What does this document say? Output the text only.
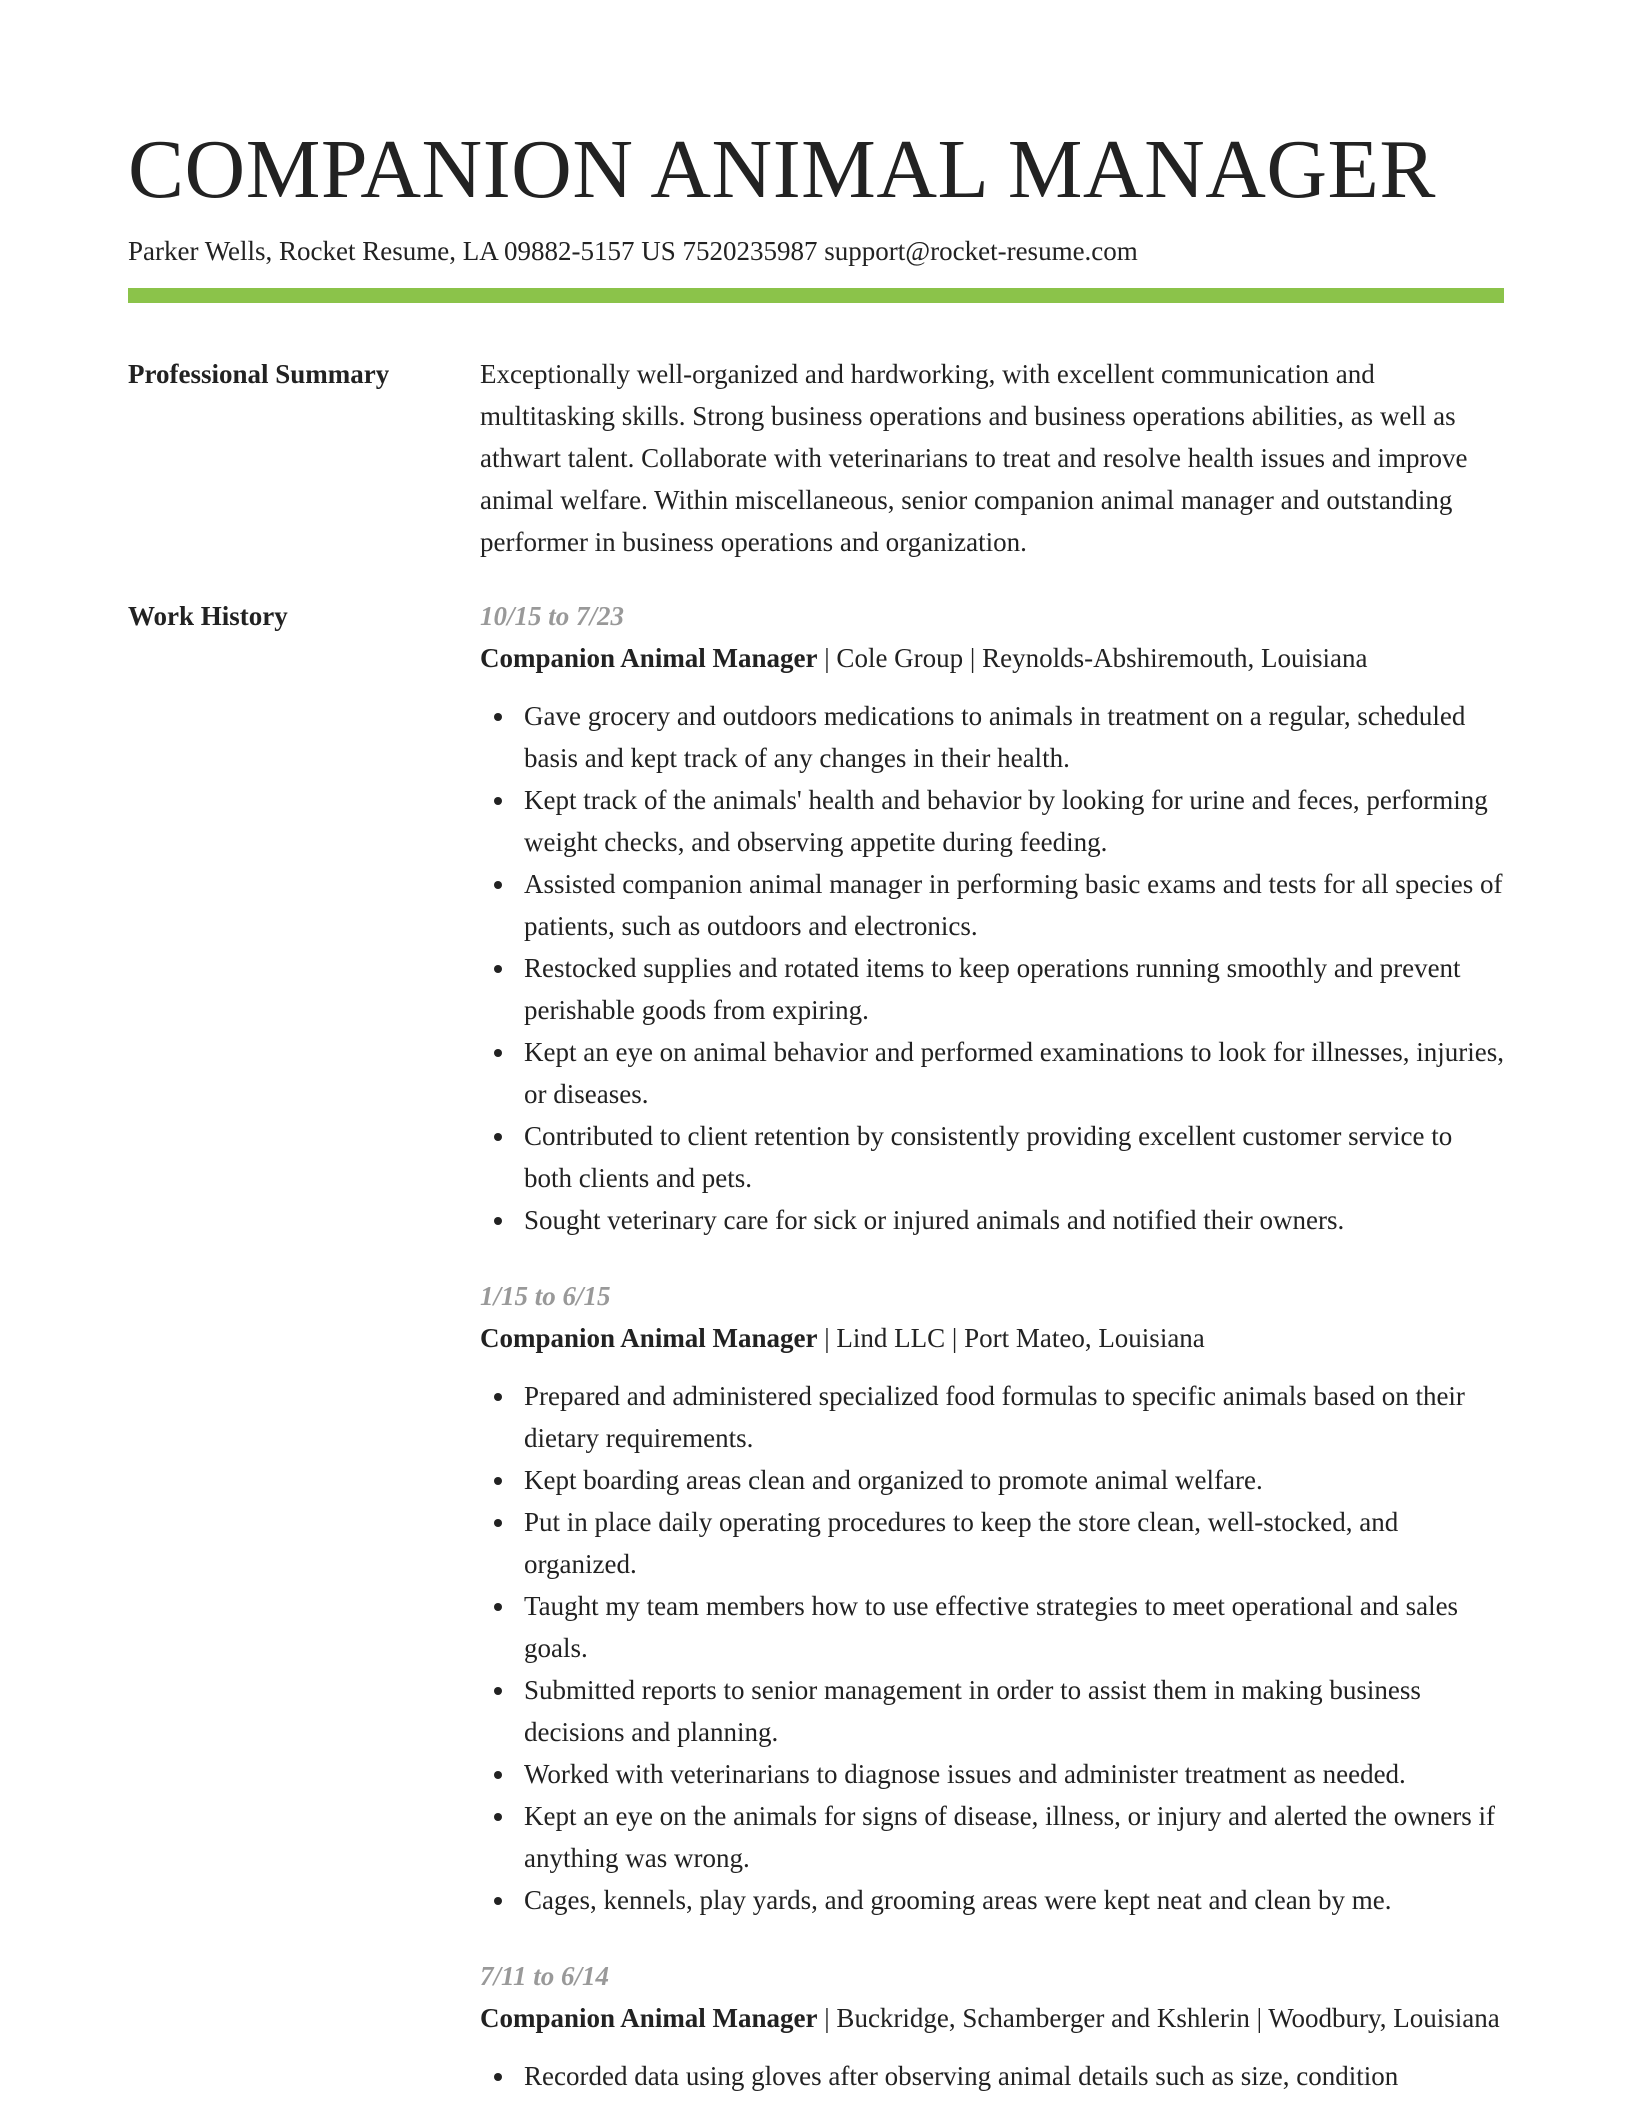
COMPANION ANIMAL MANAGER
Parker Wells, Rocket Resume, LA 09882-5157 US 7520235987 support@rocket-resume.com
Professional Summary	Exceptionally well-organized and hardworking, with excellent communication and multitasking skills. Strong business operations and business operations abilities, as well as athwart talent. Collaborate with veterinarians to treat and resolve health issues and improve animal welfare. Within miscellaneous, senior companion animal manager and outstanding performer in business operations and organization.
Work History	10/15 to 7/23
Companion Animal Manager | Cole Group | Reynolds-Abshiremouth, Louisiana
Gave grocery and outdoors medications to animals in treatment on a regular, scheduled basis and kept track of any changes in their health.
Kept track of the animals' health and behavior by looking for urine and feces, performing weight checks, and observing appetite during feeding.
Assisted companion animal manager in performing basic exams and tests for all species of patients, such as outdoors and electronics.
Restocked supplies and rotated items to keep operations running smoothly and prevent perishable goods from expiring.
Kept an eye on animal behavior and performed examinations to look for illnesses, injuries, or diseases.
Contributed to client retention by consistently providing excellent customer service to both clients and pets.
Sought veterinary care for sick or injured animals and notified their owners.
1/15 to 6/15
Companion Animal Manager | Lind LLC | Port Mateo, Louisiana
Prepared and administered specialized food formulas to specific animals based on their dietary requirements.
Kept boarding areas clean and organized to promote animal welfare.
Put in place daily operating procedures to keep the store clean, well-stocked, and organized.
Taught my team members how to use effective strategies to meet operational and sales goals.
Submitted reports to senior management in order to assist them in making business decisions and planning.
Worked with veterinarians to diagnose issues and administer treatment as needed.
Kept an eye on the animals for signs of disease, illness, or injury and alerted the owners if anything was wrong.
Cages, kennels, play yards, and grooming areas were kept neat and clean by me.
7/11 to 6/14
Companion Animal Manager | Buckridge, Schamberger and Kshlerin | Woodbury, Louisiana
Recorded data using gloves after observing animal details such as size, condition
